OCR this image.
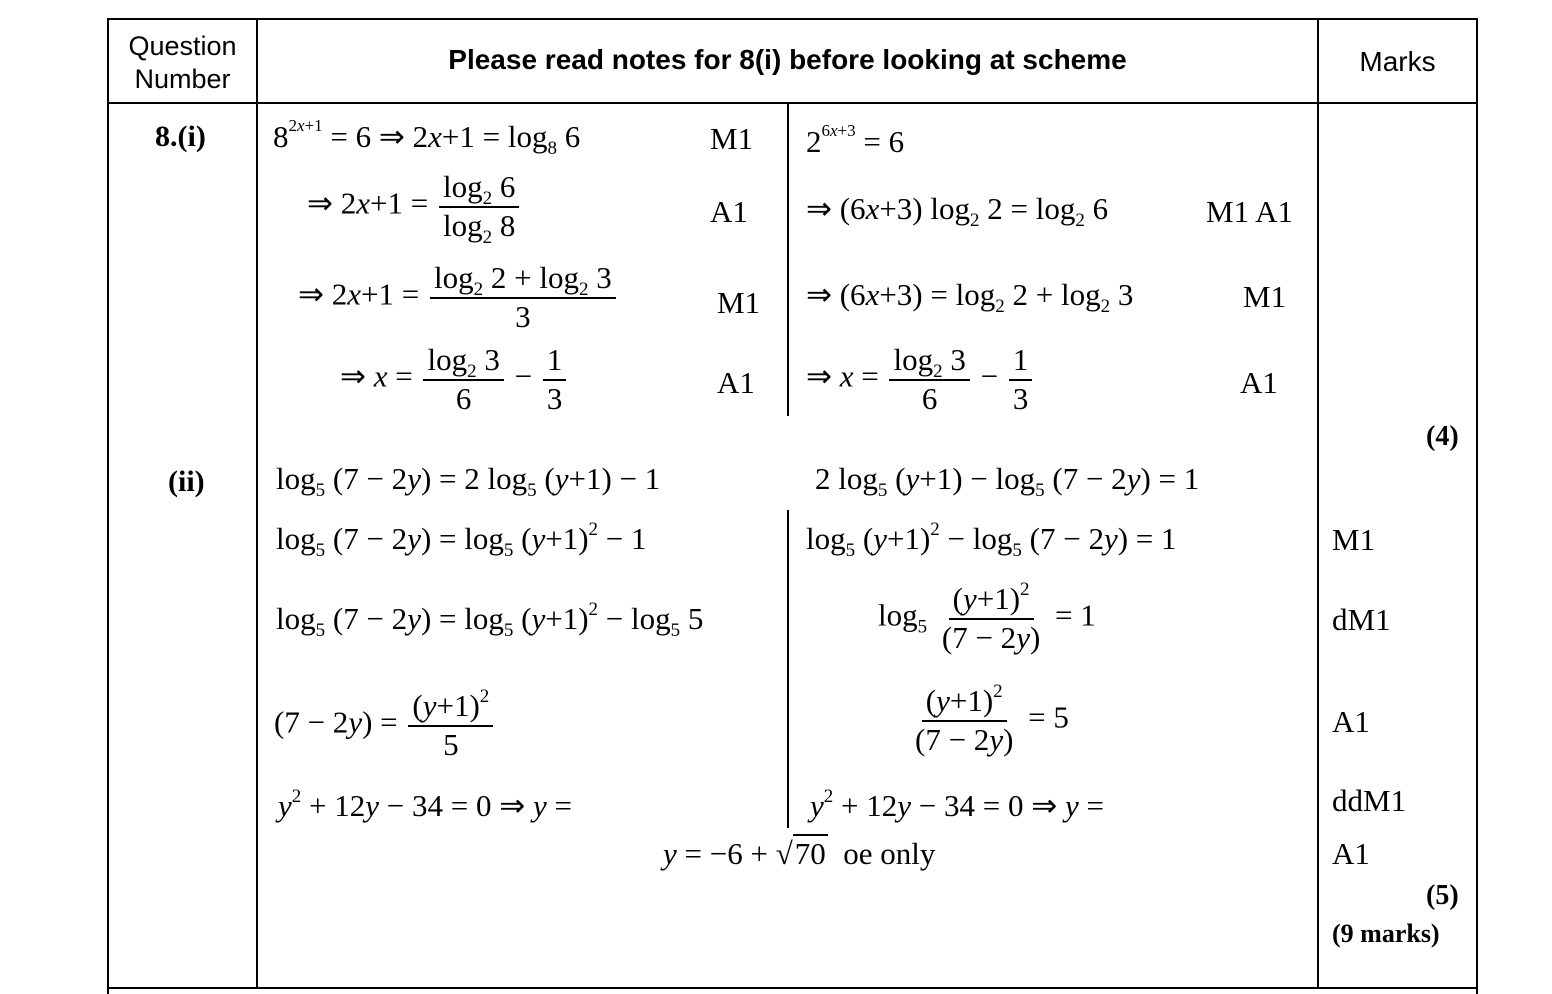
Question Number
Please read notes for 8(i) before looking at scheme	Marks
8.(i)
(ii)
$8^{2x+1} = 6$ ⇒ $2x+1 = \log_8 6$
⇒ $2x+1 = \frac{\log_2 6}{\log_2 8}$
⇒ $2x+1 = \frac{\log_2 2 + \log_2 3}{3}$
⇒ $x = \frac{\log_2 3}{6} - \frac{1}{3}$
M1
A1
M1
A1
$2^{6x+3} = 6$
⇒ (6x+3) $\log_2 2 = \log_2 6$
⇒ $(6x+3) = \log_2 2 + \log_2 3$
⇒ $x = \frac{\log_2 3}{6} - \frac{1}{3}$
M1 A1
M1
A1
(4)
$\log_5 (7 - 2y) = 2$ $\log_5 (y+1) - 1$
$\log_5 (7 - 2y) = \log_5 (y+1)^2 - 1$
$\log_5 (7 - 2y) = \log_5 (y+1)^2 - \log_5 5$
$(7 - 2y) = \frac{(y+1)^2}{5}$
$y^2 + 12y - 34 = 0$ ⇒ y =
2 $\log_5 (y+1) - \log_5 (7 - 2y) = 1$
$\log_5 (y+1)^2 - \log_5 (7 - 2y) = 1$
$\log_5 \frac{(y+1)^2}{(7 - 2y)} = 1$
$\frac{(y+1)^2}{(7 - 2y)} = 5$
$y^2 + 12y - 34 = 0$ ⇒ y =
y = −6 + √70 oe only
M1
dM1
A1
ddM1
A1
(5)
(9 marks)
